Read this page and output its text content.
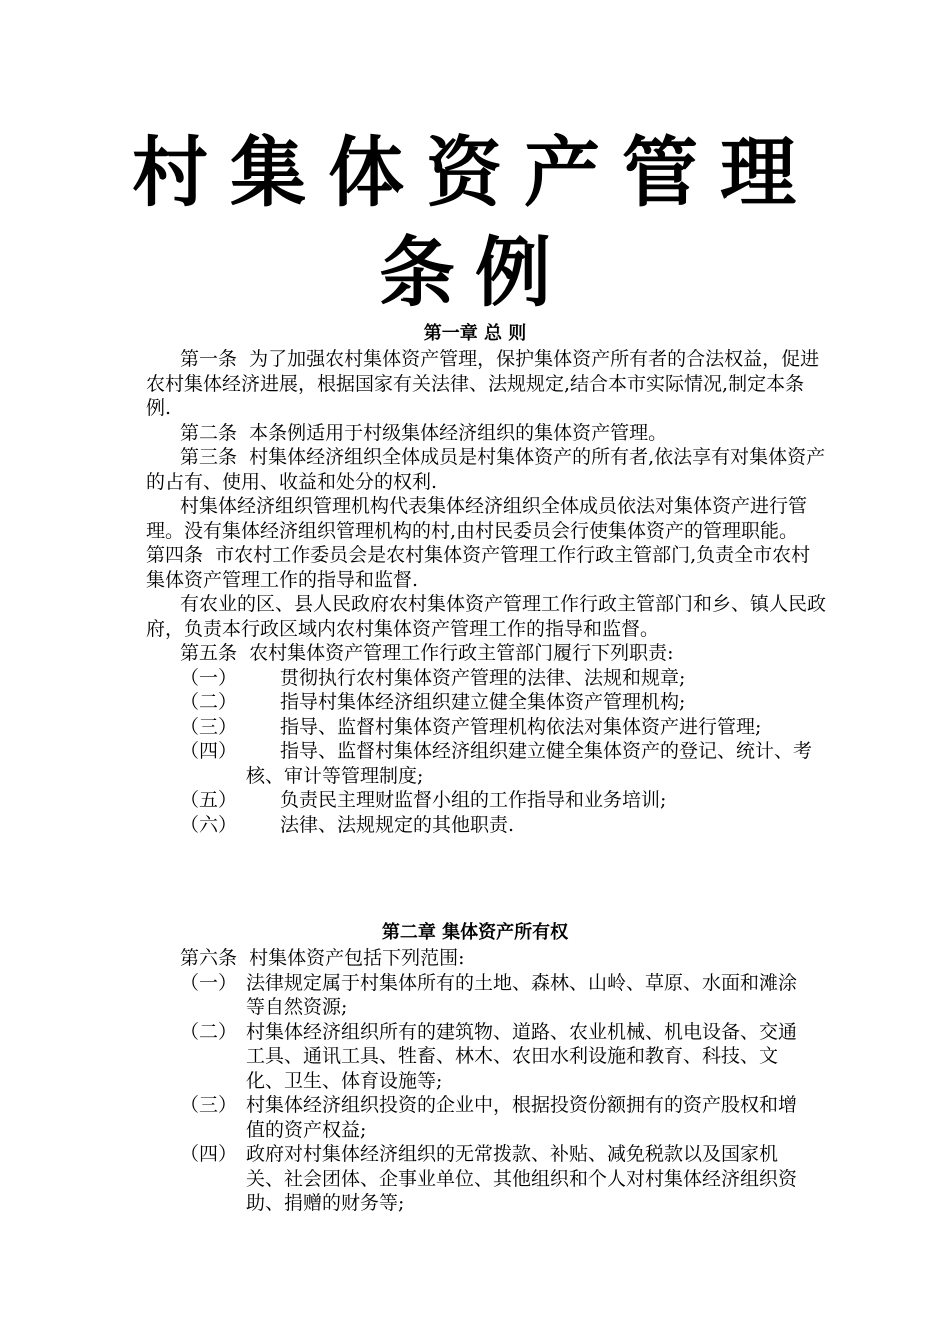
村集体资产管理
条例
第一章 总 则

第一条  为了加强农村集体资产管理，保护集体资产所有者的合法权益，促进农村集体经济进展，根据国家有关法律、法规规定,结合本市实际情况,制定本条例.

第二条  本条例适用于村级集体经济组织的集体资产管理。

第三条  村集体经济组织全体成员是村集体资产的所有者,依法享有对集体资产的占有、使用、收益和处分的权利.

村集体经济组织管理机构代表集体经济组织全体成员依法对集体资产进行管理。没有集体经济组织管理机构的村,由村民委员会行使集体资产的管理职能。

第四条  市农村工作委员会是农村集体资产管理工作行政主管部门,负责全市农村集体资产管理工作的指导和监督.

有农业的区、县人民政府农村集体资产管理工作行政主管部门和乡、镇人民政府，负责本行政区域内农村集体资产管理工作的指导和监督。

第五条  农村集体资产管理工作行政主管部门履行下列职责:

（一）	贯彻执行农村集体资产管理的法律、法规和规章;
（二）	指导村集体经济组织建立健全集体资产管理机构;
（三）	指导、监督村集体资产管理机构依法对集体资产进行管理;
（四）	指导、监督村集体经济组织建立健全集体资产的登记、统计、考核、审计等管理制度;
（五）	负责民主理财监督小组的工作指导和业务培训;
（六）	法律、法规规定的其他职责.
第二章 集体资产所有权

第六条  村集体资产包括下列范围:

（一） 法律规定属于村集体所有的土地、森林、山岭、草原、水面和滩涂等自然资源;
（二） 村集体经济组织所有的建筑物、道路、农业机械、机电设备、交通工具、通讯工具、牲畜、林木、农田水利设施和教育、科技、文化、卫生、体育设施等;
（三） 村集体经济组织投资的企业中，根据投资份额拥有的资产股权和增值的资产权益;
（四） 政府对村集体经济组织的无常拨款、补贴、减免税款以及国家机关、社会团体、企事业单位、其他组织和个人对村集体经济组织资助、捐赠的财务等;
